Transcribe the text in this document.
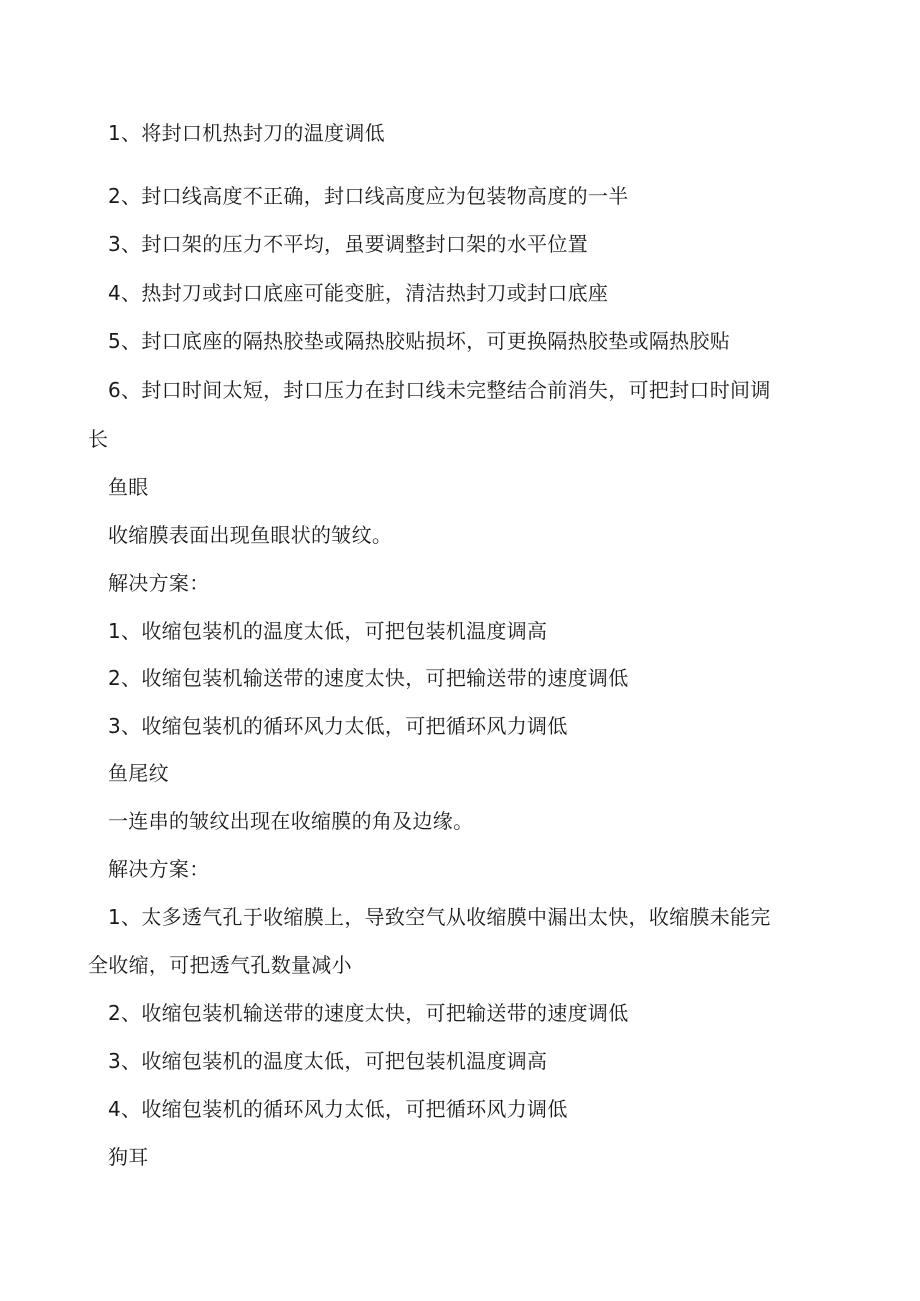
1、将封口机热封刀的温度调低
2、封口线高度不正确，封口线高度应为包装物高度的一半
3、封口架的压力不平均，虽要调整封口架的水平位置
4、热封刀或封口底座可能变脏，清洁热封刀或封口底座
5、封口底座的隔热胶垫或隔热胶贴损坏，可更换隔热胶垫或隔热胶贴
6、封口时间太短，封口压力在封口线未完整结合前消失，可把封口时间调
长
鱼眼
收缩膜表面出现鱼眼状的皱纹。
解决方案：
1、收缩包装机的温度太低，可把包装机温度调高
2、收缩包装机输送带的速度太快，可把输送带的速度调低
3、收缩包装机的循环风力太低，可把循环风力调低
鱼尾纹
一连串的皱纹出现在收缩膜的角及边缘。
解决方案：
1、太多透气孔于收缩膜上，导致空气从收缩膜中漏出太快，收缩膜未能完
全收缩，可把透气孔数量减小
2、收缩包装机输送带的速度太快，可把输送带的速度调低
3、收缩包装机的温度太低，可把包装机温度调高
4、收缩包装机的循环风力太低，可把循环风力调低
狗耳
